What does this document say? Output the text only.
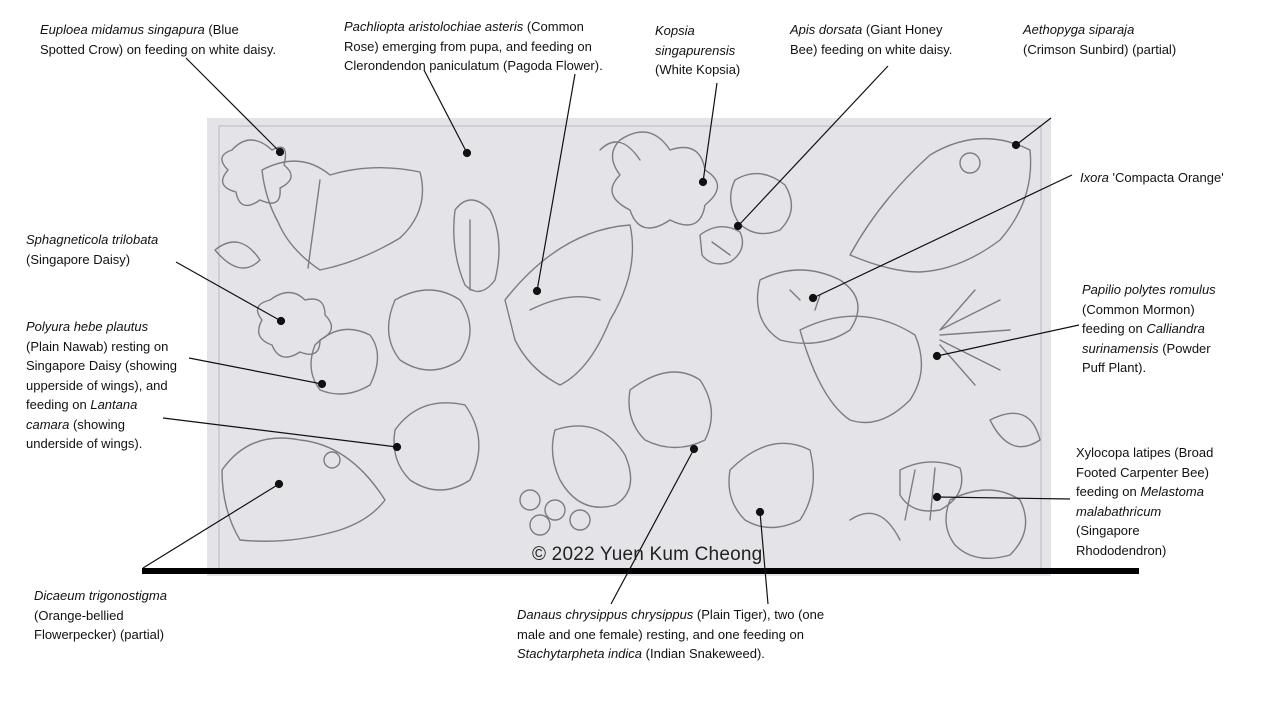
© 2022 Yuen Kum Cheong

Euploea midamus singapura (Blue

Spotted Crow) on feeding on white daisy.

Pachliopta aristolochiae asteris (Common

Rose) emerging from pupa, and feeding on

Clerondendon paniculatum (Pagoda Flower).

Kopsia

singapurensis

(White Kopsia)

Apis dorsata (Giant Honey

Bee) feeding on white daisy.

Aethopyga siparaja

(Crimson Sunbird) (partial)

Ixora 'Compacta Orange'

Sphagneticola trilobata

(Singapore Daisy)

Polyura hebe plautus

(Plain Nawab) resting on

Singapore Daisy (showing

upperside of wings), and

feeding on Lantana

camara (showing

underside of wings).

Papilio polytes romulus

(Common Mormon)

feeding on Calliandra

surinamensis (Powder

Puff Plant).

Xylocopa latipes (Broad

Footed Carpenter Bee)

feeding on Melastoma

malabathricum

(Singapore

Rhododendron)

Dicaeum trigonostigma

(Orange-bellied

Flowerpecker) (partial)

Danaus chrysippus chrysippus (Plain Tiger), two (one

male and one female) resting, and one feeding on

Stachytarpheta indica (Indian Snakeweed).
